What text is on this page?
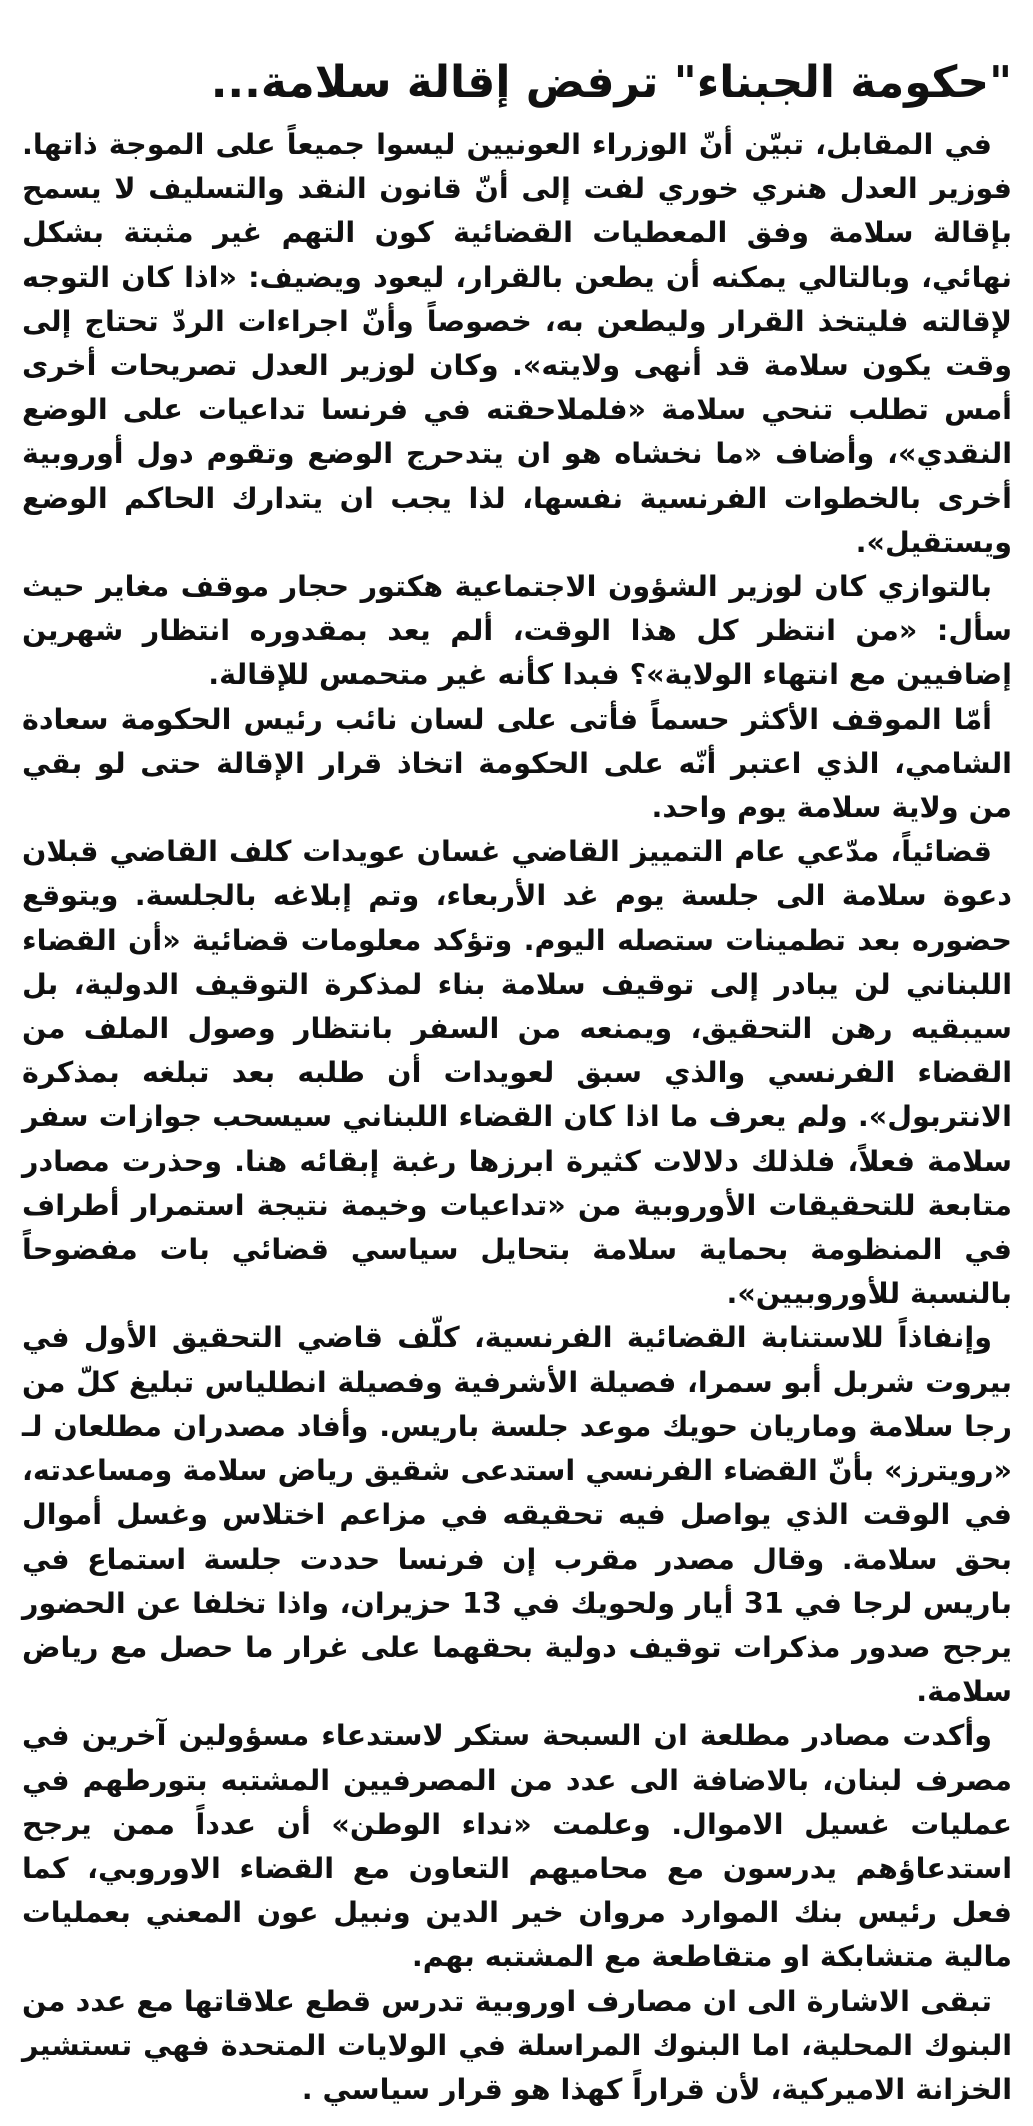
"حكومة الجبناء" ترفض إقالة سلامة...

في المقابل، تبيّن أنّ الوزراء العونيين ليسوا جميعاً على الموجة ذاتها. فوزير العدل هنري خوري لفت إلى أنّ قانون النقد والتسليف لا يسمح بإقالة سلامة وفق المعطيات القضائية كون التهم غير مثبتة بشكل نهائي، وبالتالي يمكنه أن يطعن بالقرار، ليعود ويضيف: «اذا كان التوجه لإقالته فليتخذ القرار وليطعن به، خصوصاً وأنّ اجراءات الردّ تحتاج إلى وقت يكون سلامة قد أنهى ولايته». وكان لوزير العدل تصريحات أخرى أمس تطلب تنحي سلامة «فلملاحقته في فرنسا تداعيات على الوضع النقدي»، وأضاف «ما نخشاه هو ان يتدحرج الوضع وتقوم دول أوروبية أخرى بالخطوات الفرنسية نفسها، لذا يجب ان يتدارك الحاكم الوضع ويستقيل».

بالتوازي كان لوزير الشؤون الاجتماعية هكتور حجار موقف مغاير حيث سأل: «من انتظر كل هذا الوقت، ألم يعد بمقدوره انتظار شهرين إضافيين مع انتهاء الولاية»؟ فبدا كأنه غير متحمس للإقالة.

أمّا الموقف الأكثر حسماً فأتى على لسان نائب رئيس الحكومة سعادة الشامي، الذي اعتبر أنّه على الحكومة اتخاذ قرار الإقالة حتى لو بقي من ولاية سلامة يوم واحد.

قضائياً، مدّعي عام التمييز القاضي غسان عويدات كلف القاضي قبلان دعوة سلامة الى جلسة يوم غد الأربعاء، وتم إبلاغه بالجلسة. ويتوقع حضوره بعد تطمينات ستصله اليوم. وتؤكد معلومات قضائية «أن القضاء اللبناني لن يبادر إلى توقيف سلامة بناء لمذكرة التوقيف الدولية، بل سيبقيه رهن التحقيق، ويمنعه من السفر بانتظار وصول الملف من القضاء الفرنسي والذي سبق لعويدات أن طلبه بعد تبلغه بمذكرة الانتربول». ولم يعرف ما اذا كان القضاء اللبناني سيسحب جوازات سفر سلامة فعلاً، فلذلك دلالات كثيرة ابرزها رغبة إبقائه هنا. وحذرت مصادر متابعة للتحقيقات الأوروبية من «تداعيات وخيمة نتيجة استمرار أطراف في المنظومة بحماية سلامة بتحايل سياسي قضائي بات مفضوحاً بالنسبة للأوروبيين».

وإنفاذاً للاستنابة القضائية الفرنسية، كلّف قاضي التحقيق الأول في بيروت شربل أبو سمرا، فصيلة الأشرفية وفصيلة انطلياس تبليغ كلّ من رجا سلامة وماريان حويك موعد جلسة باريس. وأفاد مصدران مطلعان لـ «رويترز» بأنّ القضاء الفرنسي استدعى شقيق رياض سلامة ومساعدته، في الوقت الذي يواصل فيه تحقيقه في مزاعم اختلاس وغسل أموال بحق سلامة. وقال مصدر مقرب إن فرنسا حددت جلسة استماع في باريس لرجا في 31 أيار ولحويك في 13 حزيران، واذا تخلفا عن الحضور يرجح صدور مذكرات توقيف دولية بحقهما على غرار ما حصل مع رياض سلامة.

وأكدت مصادر مطلعة ان السبحة ستكر لاستدعاء مسؤولين آخرين في مصرف لبنان، بالاضافة الى عدد من المصرفيين المشتبه بتورطهم في عمليات غسيل الاموال. وعلمت «نداء الوطن» أن عدداً ممن يرجح استدعاؤهم يدرسون مع محاميهم التعاون مع القضاء الاوروبي، كما فعل رئيس بنك الموارد مروان خير الدين ونبيل عون المعني بعمليات مالية متشابكة او متقاطعة مع المشتبه بهم.

تبقى الاشارة الى ان مصارف اوروبية تدرس قطع علاقاتها مع عدد من البنوك المحلية، اما البنوك المراسلة في الولايات المتحدة فهي تستشير الخزانة الاميركية، لأن قراراً كهذا هو قرار سياسي .
